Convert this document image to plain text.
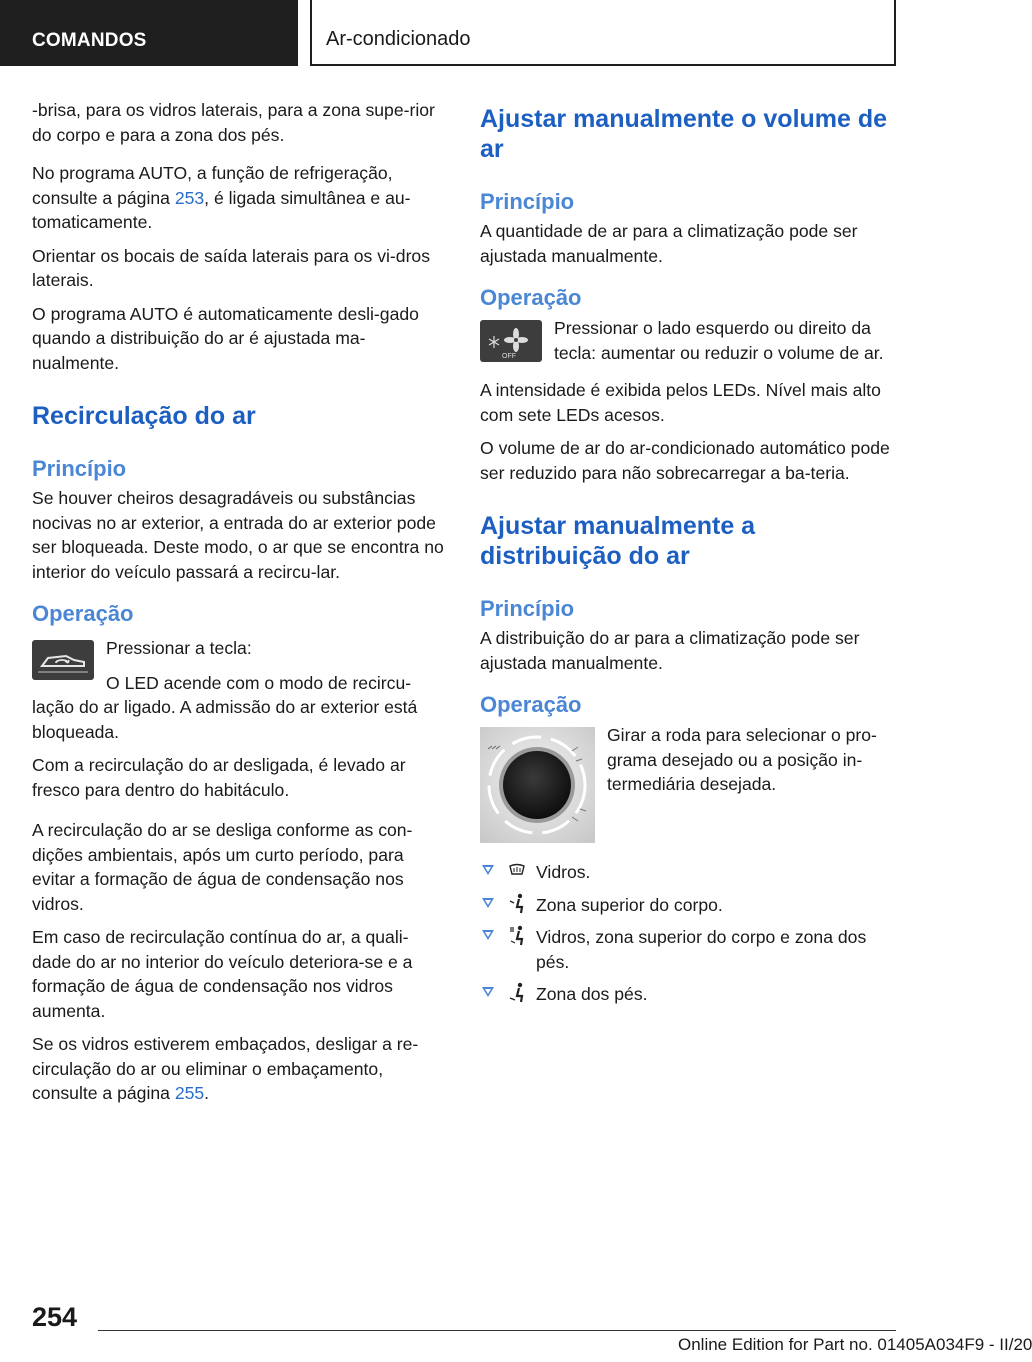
COMANDOS	Ar-condicionado

-brisa, para os vidros laterais, para a zona supe-rior do corpo e para a zona dos pés.

No programa AUTO, a função de refrigeração, consulte a página 253, é ligada simultânea e au-tomaticamente.

Orientar os bocais de saída laterais para os vi-dros laterais.

O programa AUTO é automaticamente desli-gado quando a distribuição do ar é ajustada ma-nualmente.

Recirculação do ar
Princípio

Se houver cheiros desagradáveis ou substâncias nocivas no ar exterior, a entrada do ar exterior pode ser bloqueada. Deste modo, o ar que se encontra no interior do veículo passará a recircu-lar.

Operação

Pressionar a tecla:

O LED acende com o modo de recircu-lação do ar ligado. A admissão do ar exterior está bloqueada.

Com a recirculação do ar desligada, é levado ar fresco para dentro do habitáculo.

A recirculação do ar se desliga conforme as con-dições ambientais, após um curto período, para evitar a formação de água de condensação nos vidros.

Em caso de recirculação contínua do ar, a quali-dade do ar no interior do veículo deteriora-se e a formação de água de condensação nos vidros aumenta.

Se os vidros estiverem embaçados, desligar a re-circulação do ar ou eliminar o embaçamento, consulte a página 255.

Ajustar manualmente o volume de ar
Princípio

A quantidade de ar para a climatização pode ser ajustada manualmente.

Operação
OFF

Pressionar o lado esquerdo ou direito da tecla: aumentar ou reduzir o volume de ar.

A intensidade é exibida pelos LEDs. Nível mais alto com sete LEDs acesos.

O volume de ar do ar-condicionado automático pode ser reduzido para não sobrecarregar a ba-teria.

Ajustar manualmente a distribuição do ar
Princípio

A distribuição do ar para a climatização pode ser ajustada manualmente.

Operação

Girar a roda para selecionar o pro-grama desejado ou a posição in-termediária desejada.

Vidros.
Zona superior do corpo.
Vidros, zona superior do corpo e zona dos pés.
Zona dos pés.
254
Online Edition for Part no. 01405A034F9 - II/20
